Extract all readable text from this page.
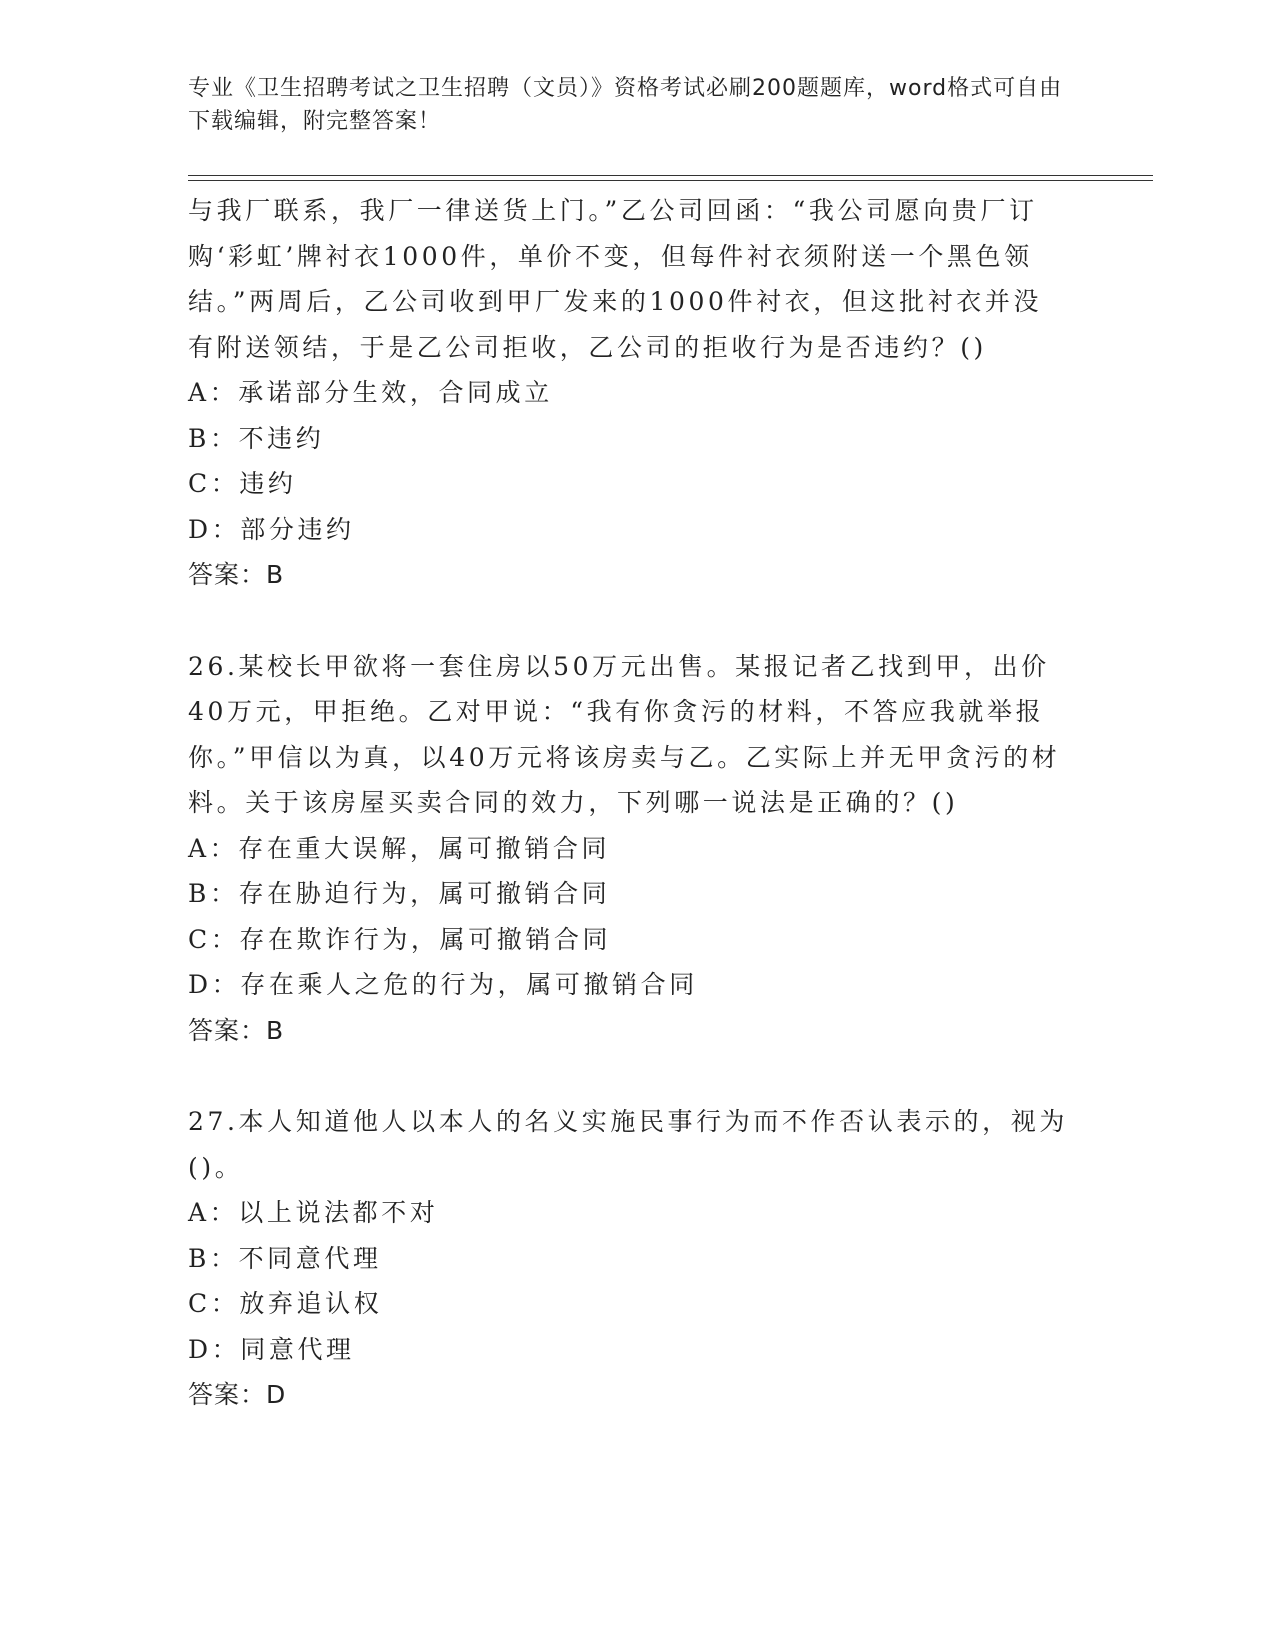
专业《卫生招聘考试之卫生招聘（文员）》资格考试必刷200题题库，word格式可自由下载编辑，附完整答案！

与我厂联系，我厂一律送货上门。”乙公司回函：“我公司愿向贵厂订购‘彩虹’牌衬衣1000件，单价不变，但每件衬衣须附送一个黑色领结。”两周后，乙公司收到甲厂发来的1000件衬衣，但这批衬衣并没有附送领结，于是乙公司拒收，乙公司的拒收行为是否违约？()

A：承诺部分生效，合同成立

B：不违约

C：违约

D：部分违约

答案：B

26.某校长甲欲将一套住房以50万元出售。某报记者乙找到甲，出价40万元，甲拒绝。乙对甲说：“我有你贪污的材料，不答应我就举报你。”甲信以为真，以40万元将该房卖与乙。乙实际上并无甲贪污的材料。关于该房屋买卖合同的效力，下列哪一说法是正确的？()

A：存在重大误解，属可撤销合同

B：存在胁迫行为，属可撤销合同

C：存在欺诈行为，属可撤销合同

D：存在乘人之危的行为，属可撤销合同

答案：B

27.本人知道他人以本人的名义实施民事行为而不作否认表示的，视为()。

A：以上说法都不对

B：不同意代理

C：放弃追认权

D：同意代理

答案：D
